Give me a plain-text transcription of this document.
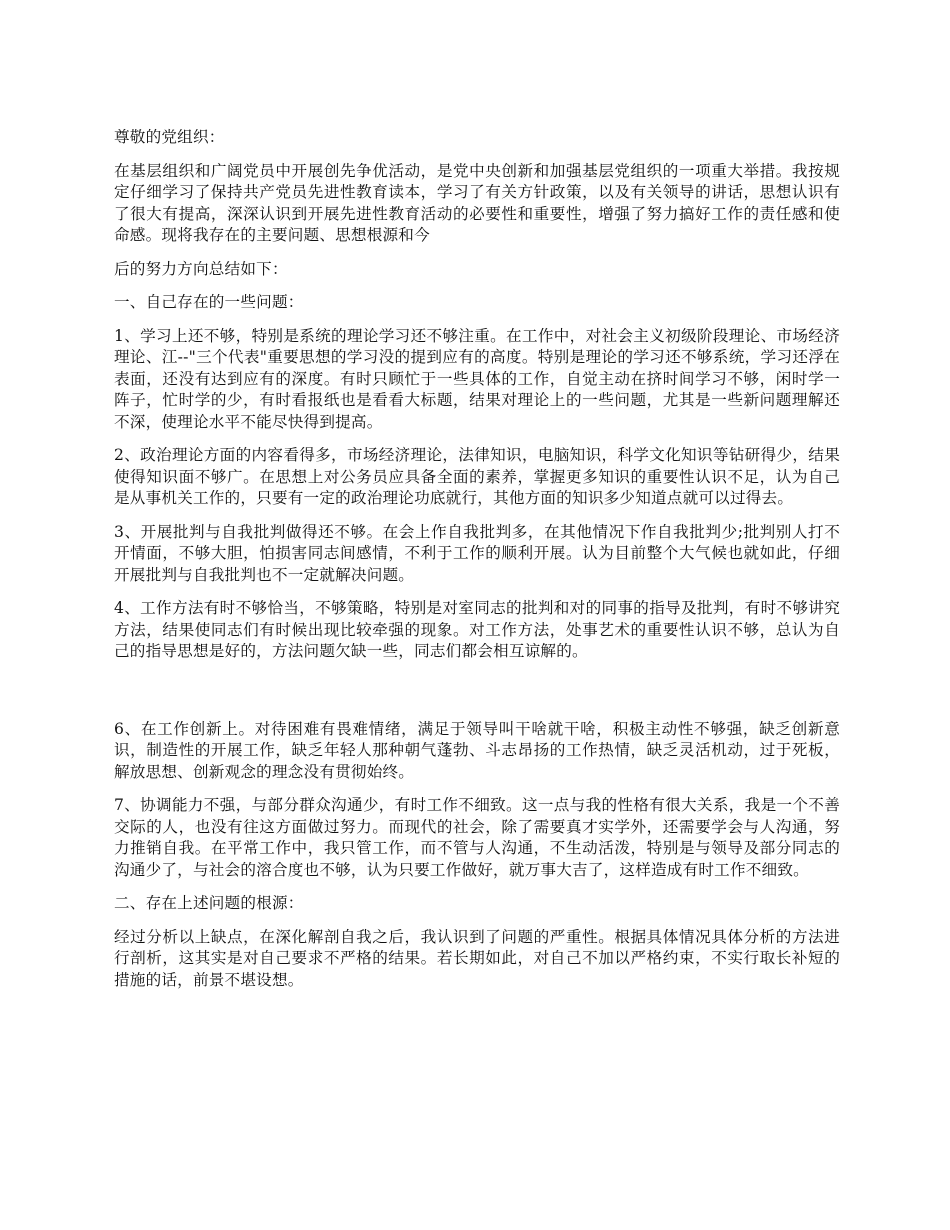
尊敬的党组织：

在基层组织和广阔党员中开展创先争优活动，是党中央创新和加强基层党组织的一项重大举措。我按规定仔细学习了保持共产党员先进性教育读本，学习了有关方针政策，以及有关领导的讲话，思想认识有了很大有提高，深深认识到开展先进性教育活动的必要性和重要性，增强了努力搞好工作的责任感和使命感。现将我存在的主要问题、思想根源和今

后的努力方向总结如下：

一、自己存在的一些问题：

1、学习上还不够，特别是系统的理论学习还不够注重。在工作中，对社会主义初级阶段理论、市场经济理论、江--"三个代表"重要思想的学习没的提到应有的高度。特别是理论的学习还不够系统，学习还浮在表面，还没有达到应有的深度。有时只顾忙于一些具体的工作，自觉主动在挤时间学习不够，闲时学一阵子，忙时学的少，有时看报纸也是看看大标题，结果对理论上的一些问题，尤其是一些新问题理解还不深，使理论水平不能尽快得到提高。

2、政治理论方面的内容看得多，市场经济理论，法律知识，电脑知识，科学文化知识等钻研得少，结果使得知识面不够广。在思想上对公务员应具备全面的素养，掌握更多知识的重要性认识不足，认为自己是从事机关工作的，只要有一定的政治理论功底就行，其他方面的知识多少知道点就可以过得去。

3、开展批判与自我批判做得还不够。在会上作自我批判多，在其他情况下作自我批判少;批判别人打不开情面，不够大胆，怕损害同志间感情，不利于工作的顺利开展。认为目前整个大气候也就如此，仔细开展批判与自我批判也不一定就解决问题。

4、工作方法有时不够恰当，不够策略，特别是对室同志的批判和对的同事的指导及批判，有时不够讲究方法，结果使同志们有时候出现比较牵强的现象。对工作方法，处事艺术的重要性认识不够，总认为自己的指导思想是好的，方法问题欠缺一些，同志们都会相互谅解的。

6、在工作创新上。对待困难有畏难情绪，满足于领导叫干啥就干啥，积极主动性不够强，缺乏创新意识，制造性的开展工作，缺乏年轻人那种朝气蓬勃、斗志昂扬的工作热情，缺乏灵活机动，过于死板，解放思想、创新观念的理念没有贯彻始终。

7、协调能力不强，与部分群众沟通少，有时工作不细致。这一点与我的性格有很大关系，我是一个不善交际的人，也没有往这方面做过努力。而现代的社会，除了需要真才实学外，还需要学会与人沟通，努力推销自我。在平常工作中，我只管工作，而不管与人沟通，不生动活泼，特别是与领导及部分同志的沟通少了，与社会的溶合度也不够，认为只要工作做好，就万事大吉了，这样造成有时工作不细致。

二、存在上述问题的根源：

经过分析以上缺点，在深化解剖自我之后，我认识到了问题的严重性。根据具体情况具体分析的方法进行剖析，这其实是对自己要求不严格的结果。若长期如此，对自己不加以严格约束，不实行取长补短的措施的话，前景不堪设想。
